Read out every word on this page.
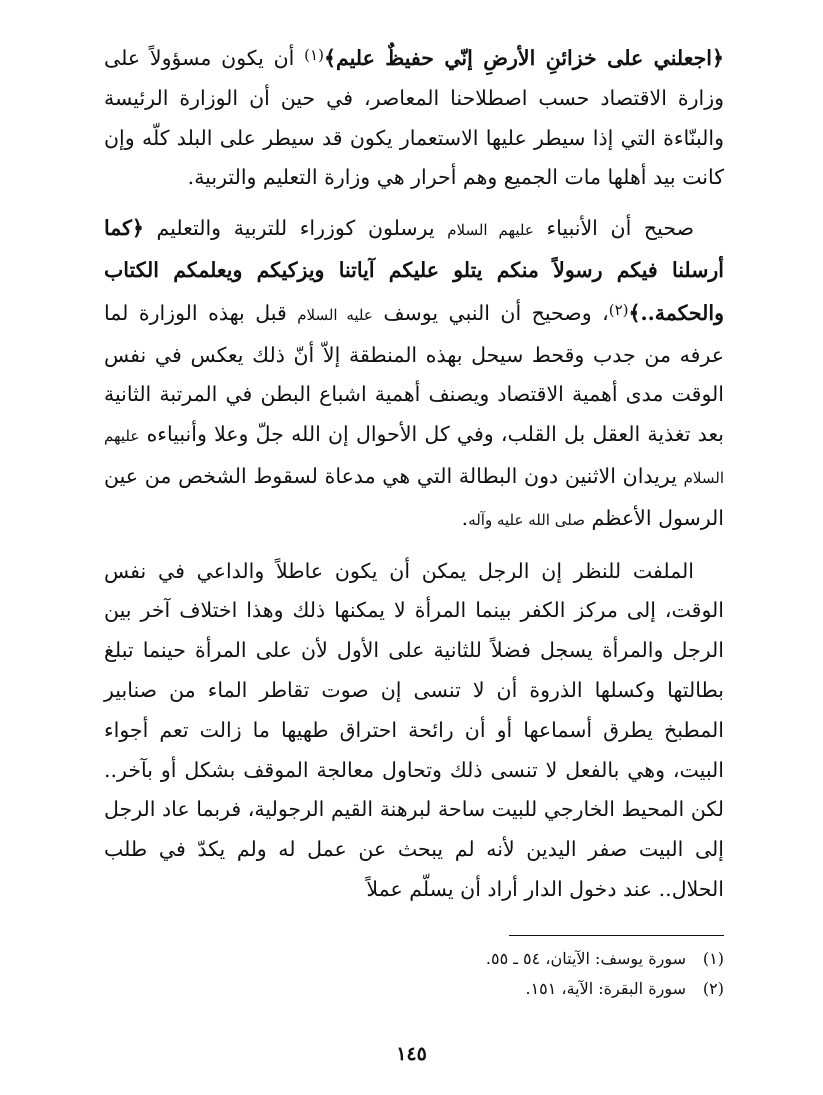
﴿اجعلني على خزائنِ الأرضِ إنّي حفيظٌ عليم﴾$^{(١)}$ أن يكون مسؤولاً على وزارة الاقتصاد حسب اصطلاحنا المعاصر، في حين أن الوزارة الرئيسة والبنّاءة التي إذا سيطر عليها الاستعمار يكون قد سيطر على البلد كلّه وإن كانت بيد أهلها مات الجميع وهم أحرار هي وزارة التعليم والتربية.

صحيح أن الأنبياء عليهم السلام يرسلون كوزراء للتربية والتعليم ﴿كما أرسلنا فيكم رسولاً منكم يتلو عليكم آياتنا ويزكيكم ويعلمكم الكتاب والحكمة..﴾$^{(٢)}$، وصحيح أن النبي يوسف عليه السلام قبل بهذه الوزارة لما عرفه من جدب وقحط سيحل بهذه المنطقة إلاّ أنّ ذلك يعكس في نفس الوقت مدى أهمية الاقتصاد ويصنف أهمية اشباع البطن في المرتبة الثانية بعد تغذية العقل بل القلب، وفي كل الأحوال إن الله جلّ وعلا وأنبياءه عليهم السلام يريدان الاثنين دون البطالة التي هي مدعاة لسقوط الشخص من عين الرسول الأعظم صلى الله عليه وآله.

الملفت للنظر إن الرجل يمكن أن يكون عاطلاً والداعي في نفس الوقت، إلى مركز الكفر بينما المرأة لا يمكنها ذلك وهذا اختلاف آخر بين الرجل والمرأة يسجل فضلاً للثانية على الأول لأن على المرأة حينما تبلغ بطالتها وكسلها الذروة أن لا تنسى إن صوت تقاطر الماء من صنابير المطبخ يطرق أسماعها أو أن رائحة احتراق طهيها ما زالت تعم أجواء البيت، وهي بالفعل لا تنسى ذلك وتحاول معالجة الموقف بشكل أو بآخر.. لكن المحيط الخارجي للبيت ساحة لبرهنة القيم الرجولية، فربما عاد الرجل إلى البيت صفر اليدين لأنه لم يبحث عن عمل له ولم يكدّ في طلب الحلال.. عند دخول الدار أراد أن يسلّم عملاً

(١)سورة يوسف: الآيتان، ٥٤ ـ ٥٥.

(٢)سورة البقرة: الآية، ١٥١.

١٤٥
